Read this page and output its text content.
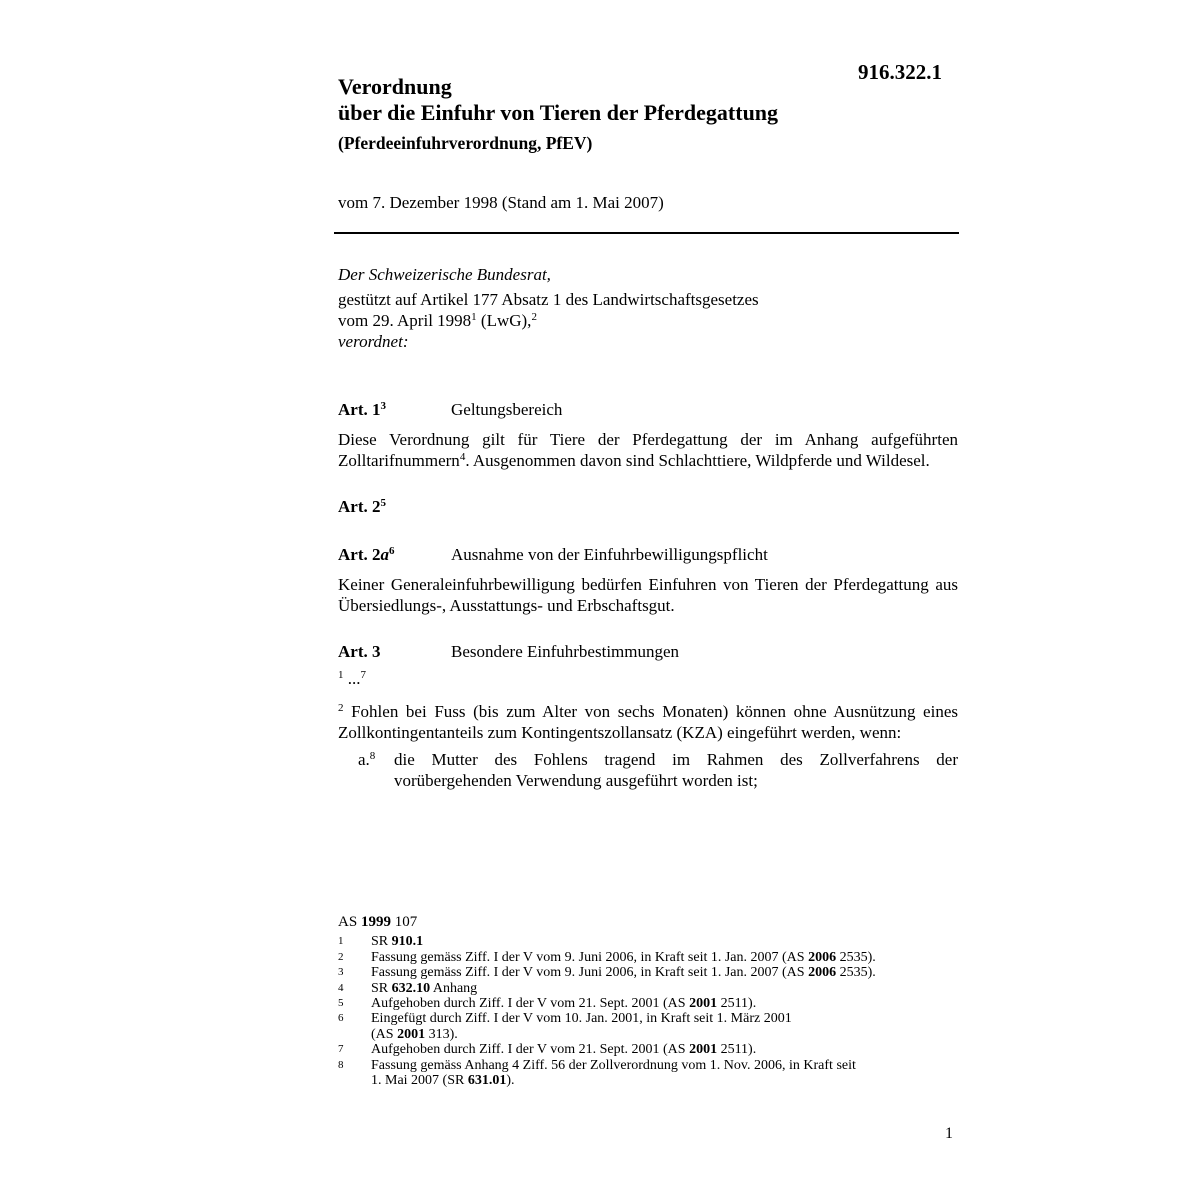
916.322.1
Verordnung
über die Einfuhr von Tieren der Pferdegattung
(Pferdeeinfuhrverordnung, PfEV)
vom 7. Dezember 1998 (Stand am 1. Mai 2007)
Der Schweizerische Bundesrat,
gestützt auf Artikel 177 Absatz 1 des Landwirtschaftsgesetzes
vom 29. April 1998$^1$ (LwG),$^2$
verordnet:
Art. $1^3$	Geltungsbereich
Diese Verordnung gilt für Tiere der Pferdegattung der im Anhang aufgeführten Zolltarifnummern$^4$. Ausgenommen davon sind Schlachttiere, Wildpferde und Wildesel.
Art. $2^5$
Art. $2a^6$	Ausnahme von der Einfuhrbewilligungspflicht
Keiner Generaleinfuhrbewilligung bedürfen Einfuhren von Tieren der Pferdegattung aus Übersiedlungs-, Ausstattungs- und Erbschaftsgut.
Art. 3	Besondere Einfuhrbestimmungen
$^1$ ...$^7$
$^2$ Fohlen bei Fuss (bis zum Alter von sechs Monaten) können ohne Ausnützung eines Zollkontingentanteils zum Kontingentszollansatz (KZA) eingeführt werden, wenn:
a.$^8$	die Mutter des Fohlens tragend im Rahmen des Zollverfahrens der vorübergehenden Verwendung ausgeführt worden ist;
AS 1999 107
1	SR 910.1
2	Fassung gemäss Ziff. I der V vom 9. Juni 2006, in Kraft seit 1. Jan. 2007 (AS 2006 2535).
3	Fassung gemäss Ziff. I der V vom 9. Juni 2006, in Kraft seit 1. Jan. 2007 (AS 2006 2535).
4	SR 632.10 Anhang
5	Aufgehoben durch Ziff. I der V vom 21. Sept. 2001 (AS 2001 2511).
6	Eingefügt durch Ziff. I der V vom 10. Jan. 2001, in Kraft seit 1. März 2001
(AS 2001 313).
7	Aufgehoben durch Ziff. I der V vom 21. Sept. 2001 (AS 2001 2511).
8	Fassung gemäss Anhang 4 Ziff. 56 der Zollverordnung vom 1. Nov. 2006, in Kraft seit
1. Mai 2007 (SR 631.01).
1
